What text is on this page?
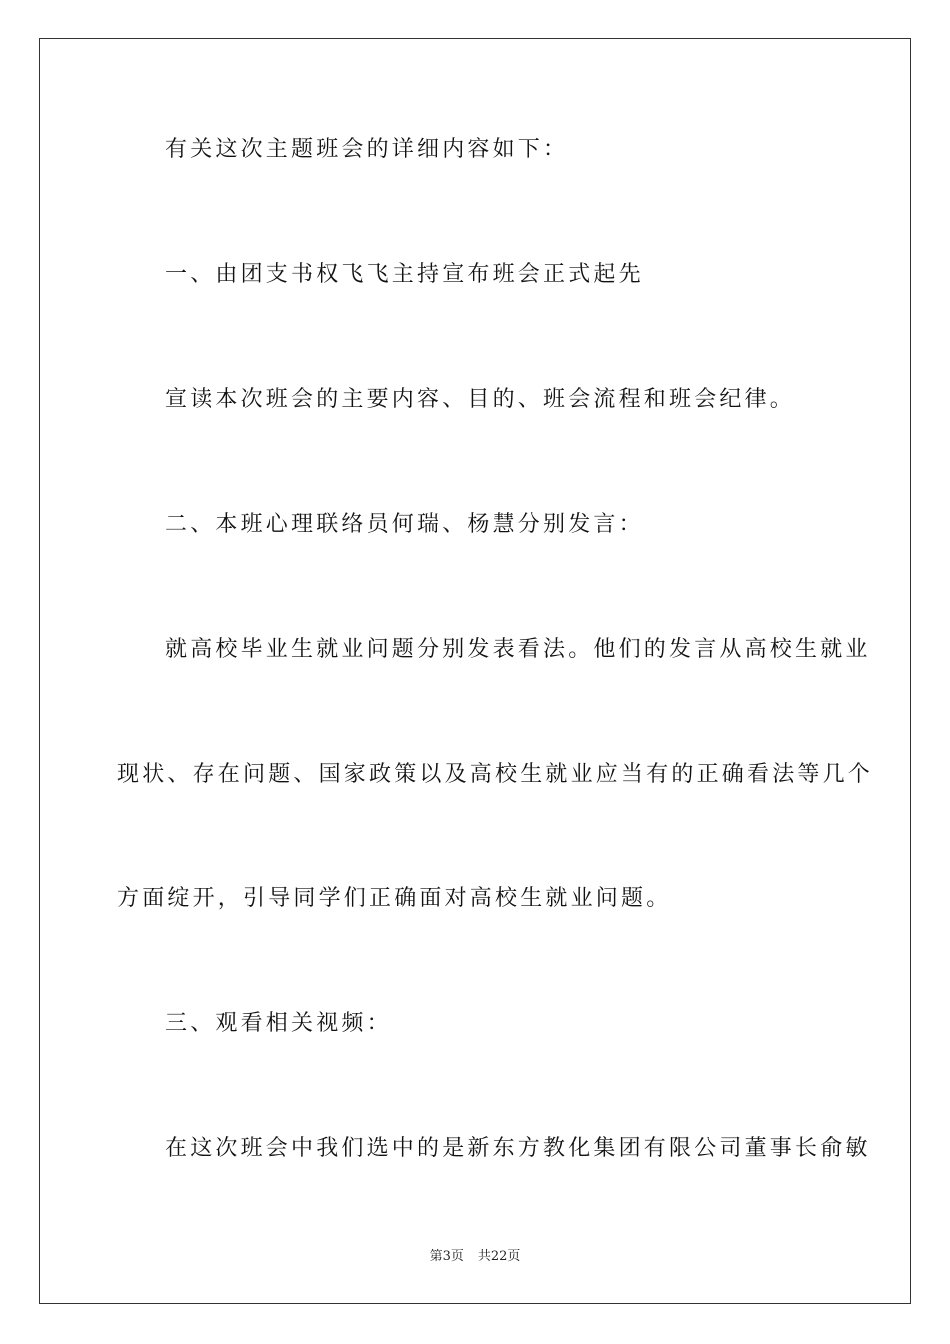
有关这次主题班会的详细内容如下：
一、由团支书权飞飞主持宣布班会正式起先
宣读本次班会的主要内容、目的、班会流程和班会纪律。
二、本班心理联络员何瑞、杨慧分别发言：
就高校毕业生就业问题分别发表看法。他们的发言从高校生就业
现状、存在问题、国家政策以及高校生就业应当有的正确看法等几个
方面绽开，引导同学们正确面对高校生就业问题。
三、观看相关视频：
在这次班会中我们选中的是新东方教化集团有限公司董事长俞敏
第3页 共22页
